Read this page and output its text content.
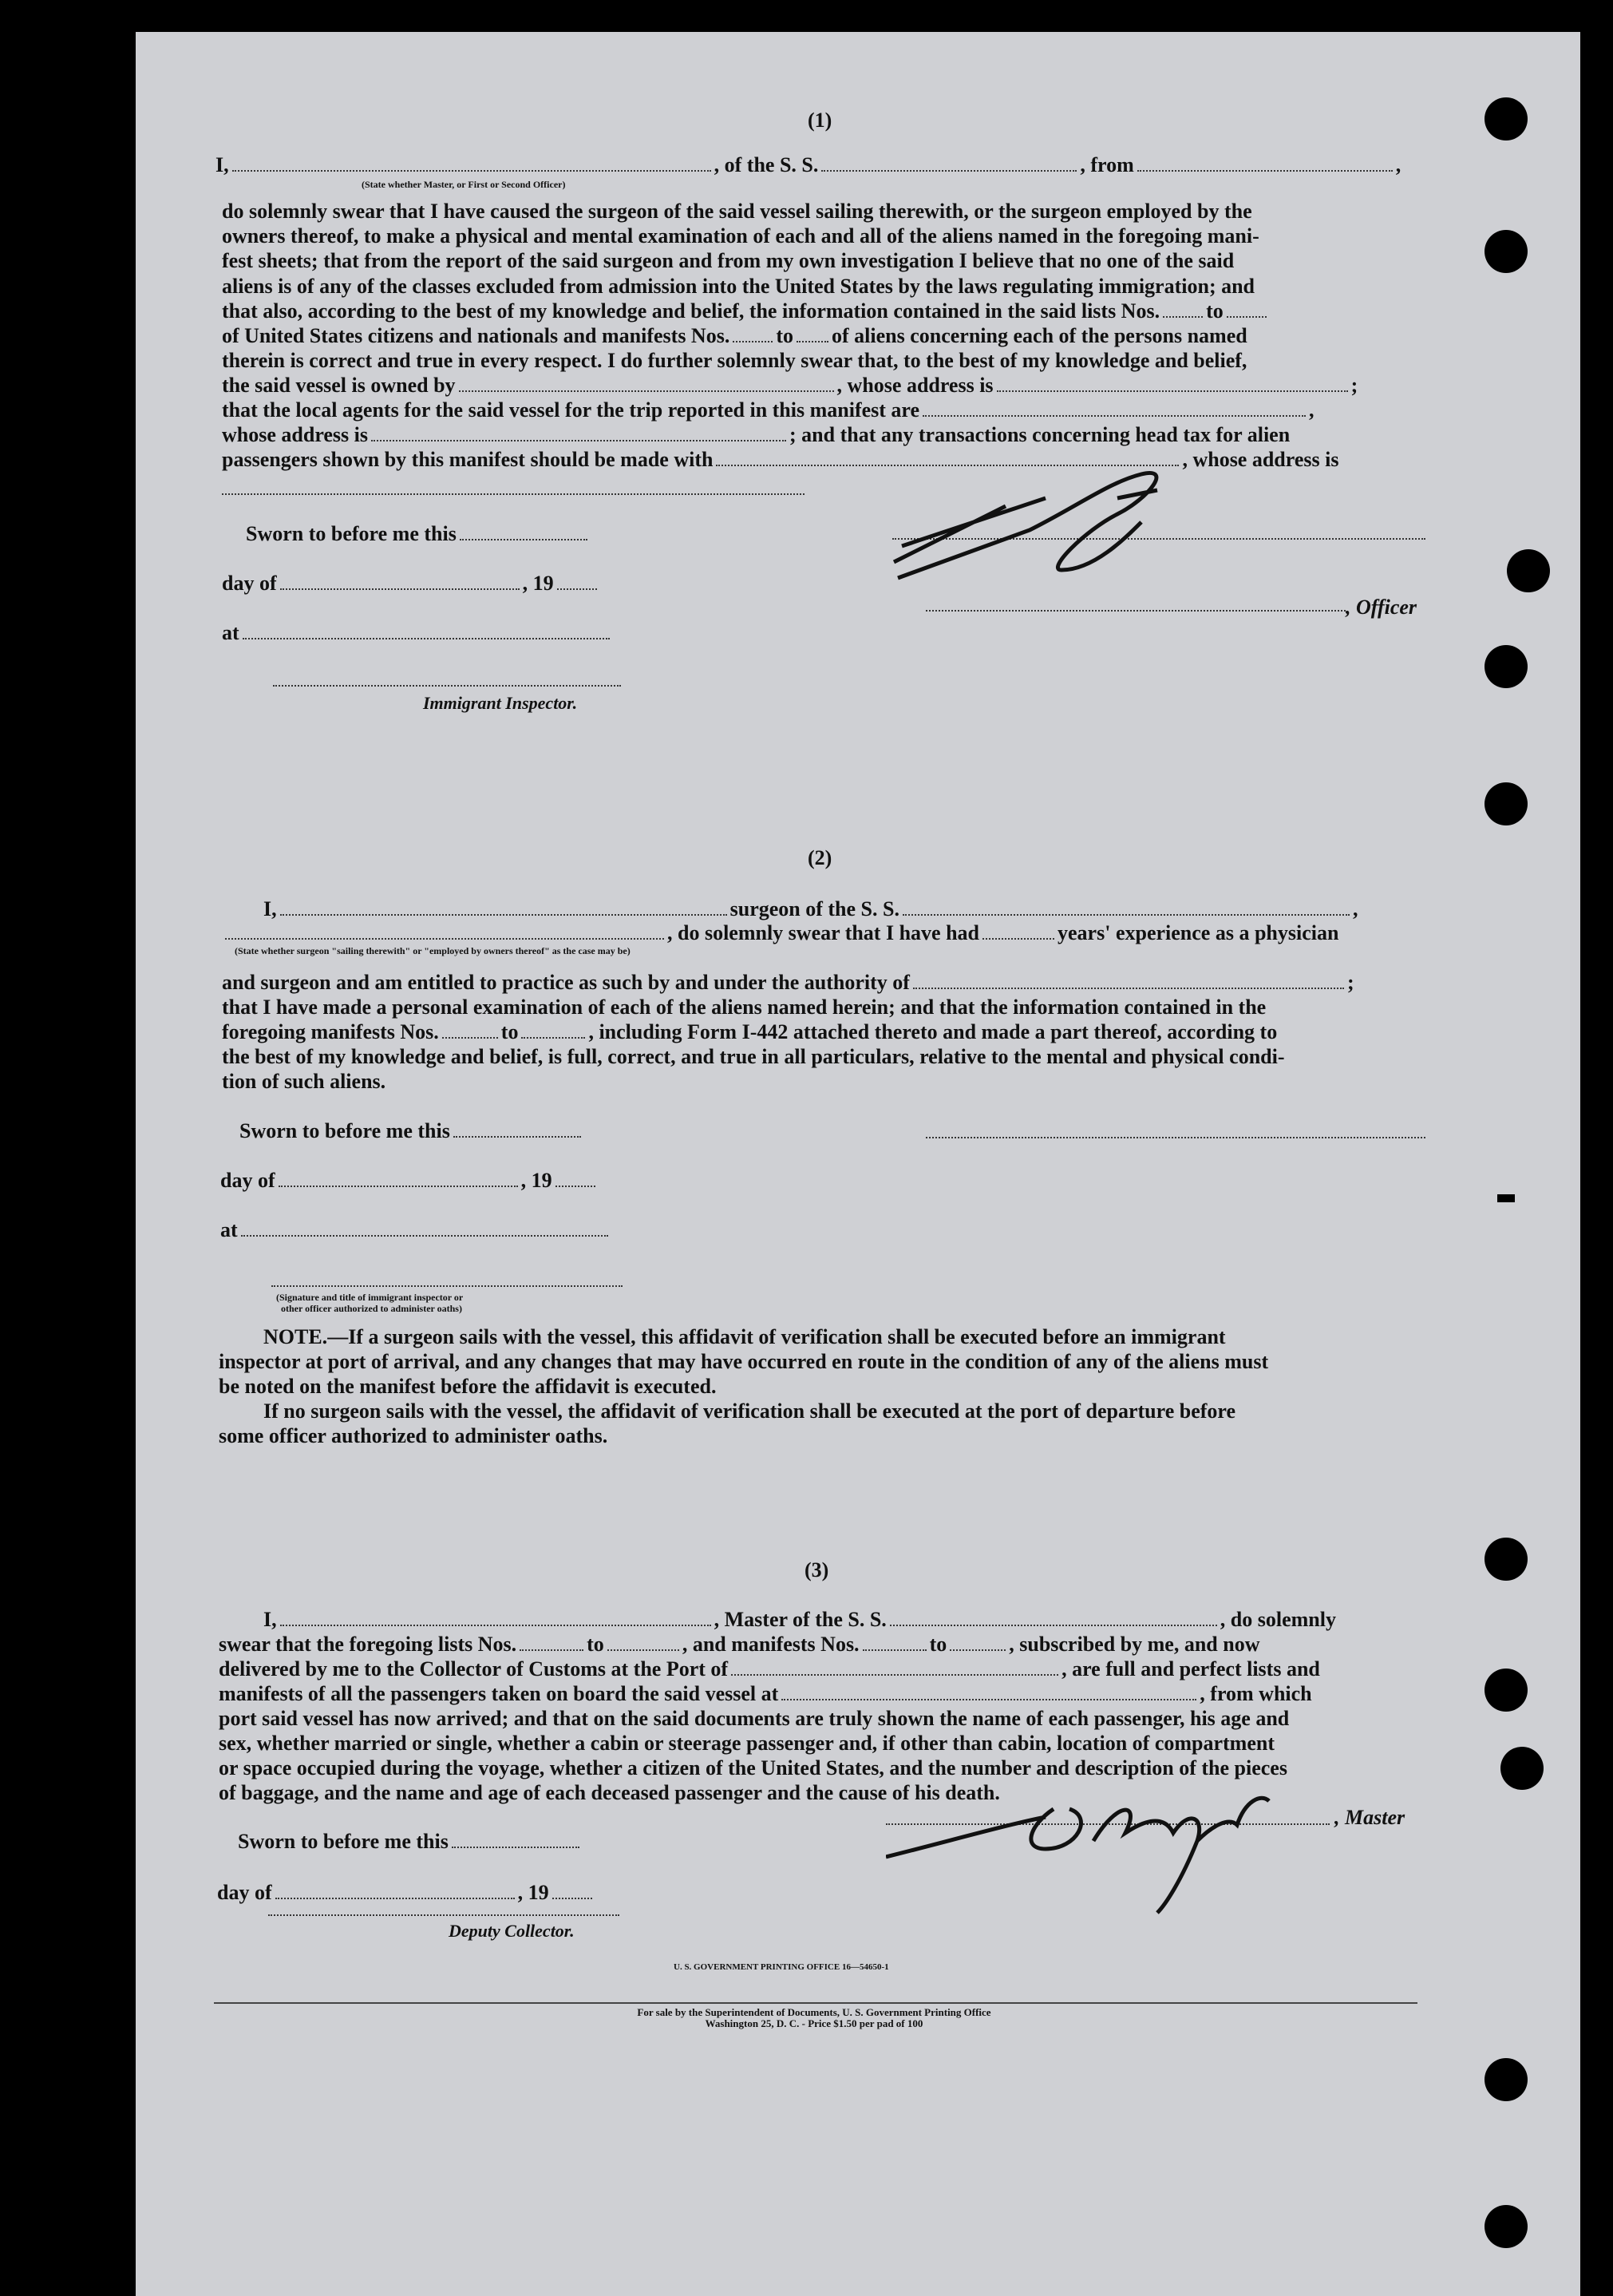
(1)
I,	, of the S. S.	, from	,
(State whether Master, or First or Second Officer)
do solemnly swear that I have caused the surgeon of the said vessel sailing therewith, or the surgeon employed by the
owners thereof, to make a physical and mental examination of each and all of the aliens named in the foregoing mani-
fest sheets; that from the report of the said surgeon and from my own investigation I believe that no one of the said
aliens is of any of the classes excluded from admission into the United States by the laws regulating immigration; and
that also, according to the best of my knowledge and belief, the information contained in the said lists Nos. to
of United States citizens and nationals and manifests Nos. to of aliens concerning each of the persons named
therein is correct and true in every respect. I do further solemnly swear that, to the best of my knowledge and belief,
the said vessel is owned by	, whose address is	;
that the local agents for the said vessel for the trip reported in this manifest are	,
whose address is	; and that any transactions concerning head tax for alien
passengers shown by this manifest should be made with	, whose address is
Sworn to before me this
day of	, 19
at
Immigrant Inspector.
, Officer
(2)
I,	surgeon of the S. S.	,
, do solemnly swear that I have had	years' experience as a physician
(State whether surgeon "sailing therewith" or "employed by owners thereof" as the case may be)
and surgeon and am entitled to practice as such by and under the authority of	;
that I have made a personal examination of each of the aliens named herein; and that the information contained in the
foregoing manifests Nos.	to	, including Form I-442 attached thereto and made a part thereof, according to
the best of my knowledge and belief, is full, correct, and true in all particulars, relative to the mental and physical condi-
tion of such aliens.
Sworn to before me this
day of	, 19
at
(Signature and title of immigrant inspector or
other officer authorized to administer oaths)
NOTE.—If a surgeon sails with the vessel, this affidavit of verification shall be executed before an immigrant
inspector at port of arrival, and any changes that may have occurred en route in the condition of any of the aliens must
be noted on the manifest before the affidavit is executed.
If no surgeon sails with the vessel, the affidavit of verification shall be executed at the port of departure before
some officer authorized to administer oaths.
(3)
I,	, Master of the S. S.	, do solemnly
swear that the foregoing lists Nos.	to	, and manifests Nos.	to	, subscribed by me, and now
delivered by me to the Collector of Customs at the Port of	, are full and perfect lists and
manifests of all the passengers taken on board the said vessel at	, from which
port said vessel has now arrived; and that on the said documents are truly shown the name of each passenger, his age and
sex, whether married or single, whether a cabin or steerage passenger and, if other than cabin, location of compartment
or space occupied during the voyage, whether a citizen of the United States, and the number and description of the pieces
of baggage, and the name and age of each deceased passenger and the cause of his death.
Sworn to before me this
day of	, 19
Deputy Collector.
, Master
U. S. GOVERNMENT PRINTING OFFICE 16—54650-1
For sale by the Superintendent of Documents, U. S. Government Printing Office
Washington 25, D. C. - Price $1.50 per pad of 100
